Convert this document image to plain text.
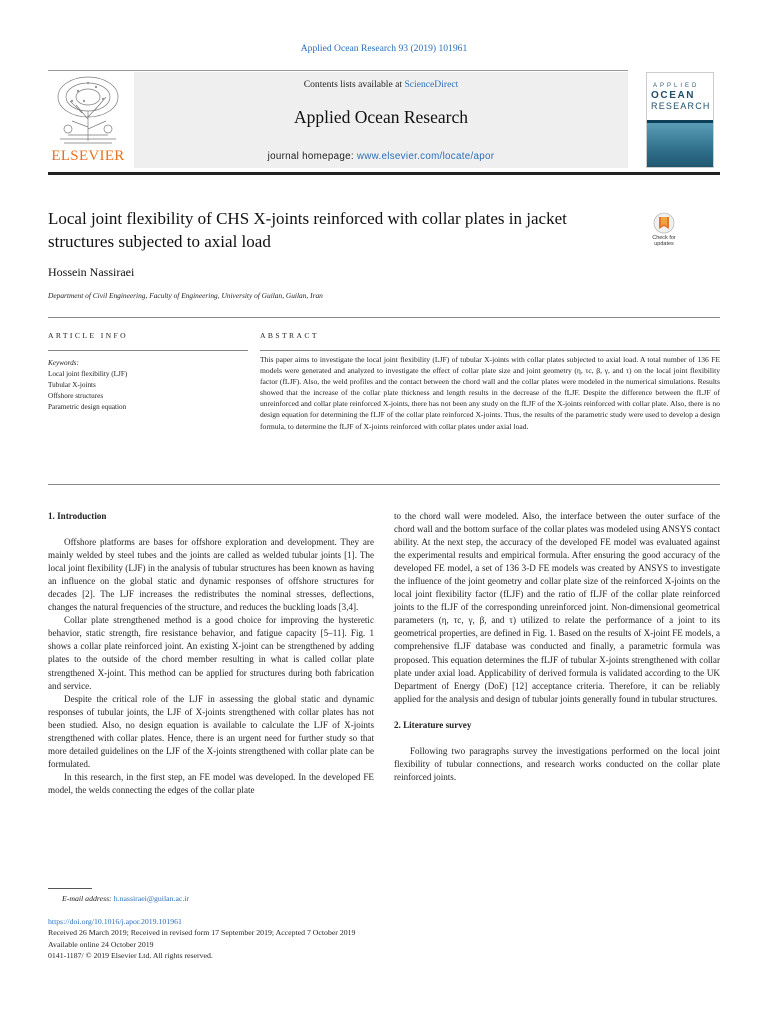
Applied Ocean Research 93 (2019) 101961
ELSEVIER
Contents lists available at ScienceDirect
Applied Ocean Research
journal homepage: www.elsevier.com/locate/apor
APPLIED
OCEAN
RESEARCH
Local joint flexibility of CHS X-joints reinforced with collar plates in jacket structures subjected to axial load	Check for updates
Hossein Nassiraei
Department of Civil Engineering, Faculty of Engineering, University of Guilan, Guilan, Iran
ARTICLE INFO	ABSTRACT
Keywords:
Local joint flexibility (LJF)
Tubular X-joints
Offshore structures
Parametric design equation
This paper aims to investigate the local joint flexibility (LJF) of tubular X-joints with collar plates subjected to axial load. A total number of 136 FE models were generated and analyzed to investigate the effect of collar plate size and joint geometry (η, τc, β, γ, and τ) on the local joint flexibility factor (fLJF). Also, the weld profiles and the contact between the chord wall and the collar plates were modeled in the numerical simulations. Results showed that the increase of the collar plate thickness and length results in the decrease of the fLJF. Despite the difference between the fLJF of unreinforced and collar plate reinforced X-joints, there has not been any study on the fLJF of the X-joints reinforced with collar plate. Also, there is no design equation for determining the fLJF of the collar plate reinforced X-joints. Thus, the results of the parametric study were used to develop a design formula, to determine the fLJF of X-joints reinforced with collar plates under axial load.
1. Introduction

Offshore platforms are bases for offshore exploration and development. They are mainly welded by steel tubes and the joints are called as welded tubular joints [1]. The local joint flexibility (LJF) in the analysis of tubular structures has been known as having an influence on the global static and dynamic responses of offshore structures for decades [2]. The LJF increases the redistributes the nominal stresses, deflections, changes the natural frequencies of the structure, and reduces the buckling loads [3,4].

Collar plate strengthened method is a good choice for improving the hysteretic behavior, static strength, fire resistance behavior, and fatigue capacity [5–11]. Fig. 1 shows a collar plate reinforced joint. An existing X-joint can be strengthened by adding plates to the outside of the chord member resulting in what is called collar plate strengthened X-joint. This method can be applied for structures during both fabrication and service.

Despite the critical role of the LJF in assessing the global static and dynamic responses of tubular joints, the LJF of X-joints strengthened with collar plates has not been studied. Also, no design equation is available to calculate the LJF of X-joints strengthened with collar plates. Hence, there is an urgent need for further study so that more detailed guidelines on the LJF of the X-joints strengthened with collar plate can be formulated.

In this research, in the first step, an FE model was developed. In the developed FE model, the welds connecting the edges of the collar plate

to the chord wall were modeled. Also, the interface between the outer surface of the chord wall and the bottom surface of the collar plates was modeled using ANSYS contact ability. At the next step, the accuracy of the developed FE model was evaluated against the experimental results and empirical formula. After ensuring the good accuracy of the developed FE model, a set of 136 3-D FE models was created by ANSYS to investigate the influence of the joint geometry and collar plate size of the reinforced X-joints on the local joint flexibility factor (fLJF) and the ratio of fLJF of the collar plate reinforced joints to the fLJF of the corresponding unreinforced joint. Non-dimensional geometrical parameters (η, τc, γ, β, and τ) utilized to relate the performance of a joint to its geometrical properties, are defined in Fig. 1. Based on the results of X-joint FE models, a comprehensive fLJF database was conducted and finally, a parametric formula was proposed. This equation determines the fLJF of tubular X-joints strengthened with collar plate under axial load. Applicability of derived formula is validated according to the UK Department of Energy (DoE) [12] acceptance criteria. Therefore, it can be reliably applied for the analysis and design of tubular joints generally found in tubular structures.

2. Literature survey

Following two paragraphs survey the investigations performed on the local joint flexibility of tubular connections, and research works conducted on the collar plate reinforced joints.

E-mail address: h.nassiraei@guilan.ac.ir
https://doi.org/10.1016/j.apor.2019.101961
Received 26 March 2019; Received in revised form 17 September 2019; Accepted 7 October 2019
Available online 24 October 2019
0141-1187/ © 2019 Elsevier Ltd. All rights reserved.
